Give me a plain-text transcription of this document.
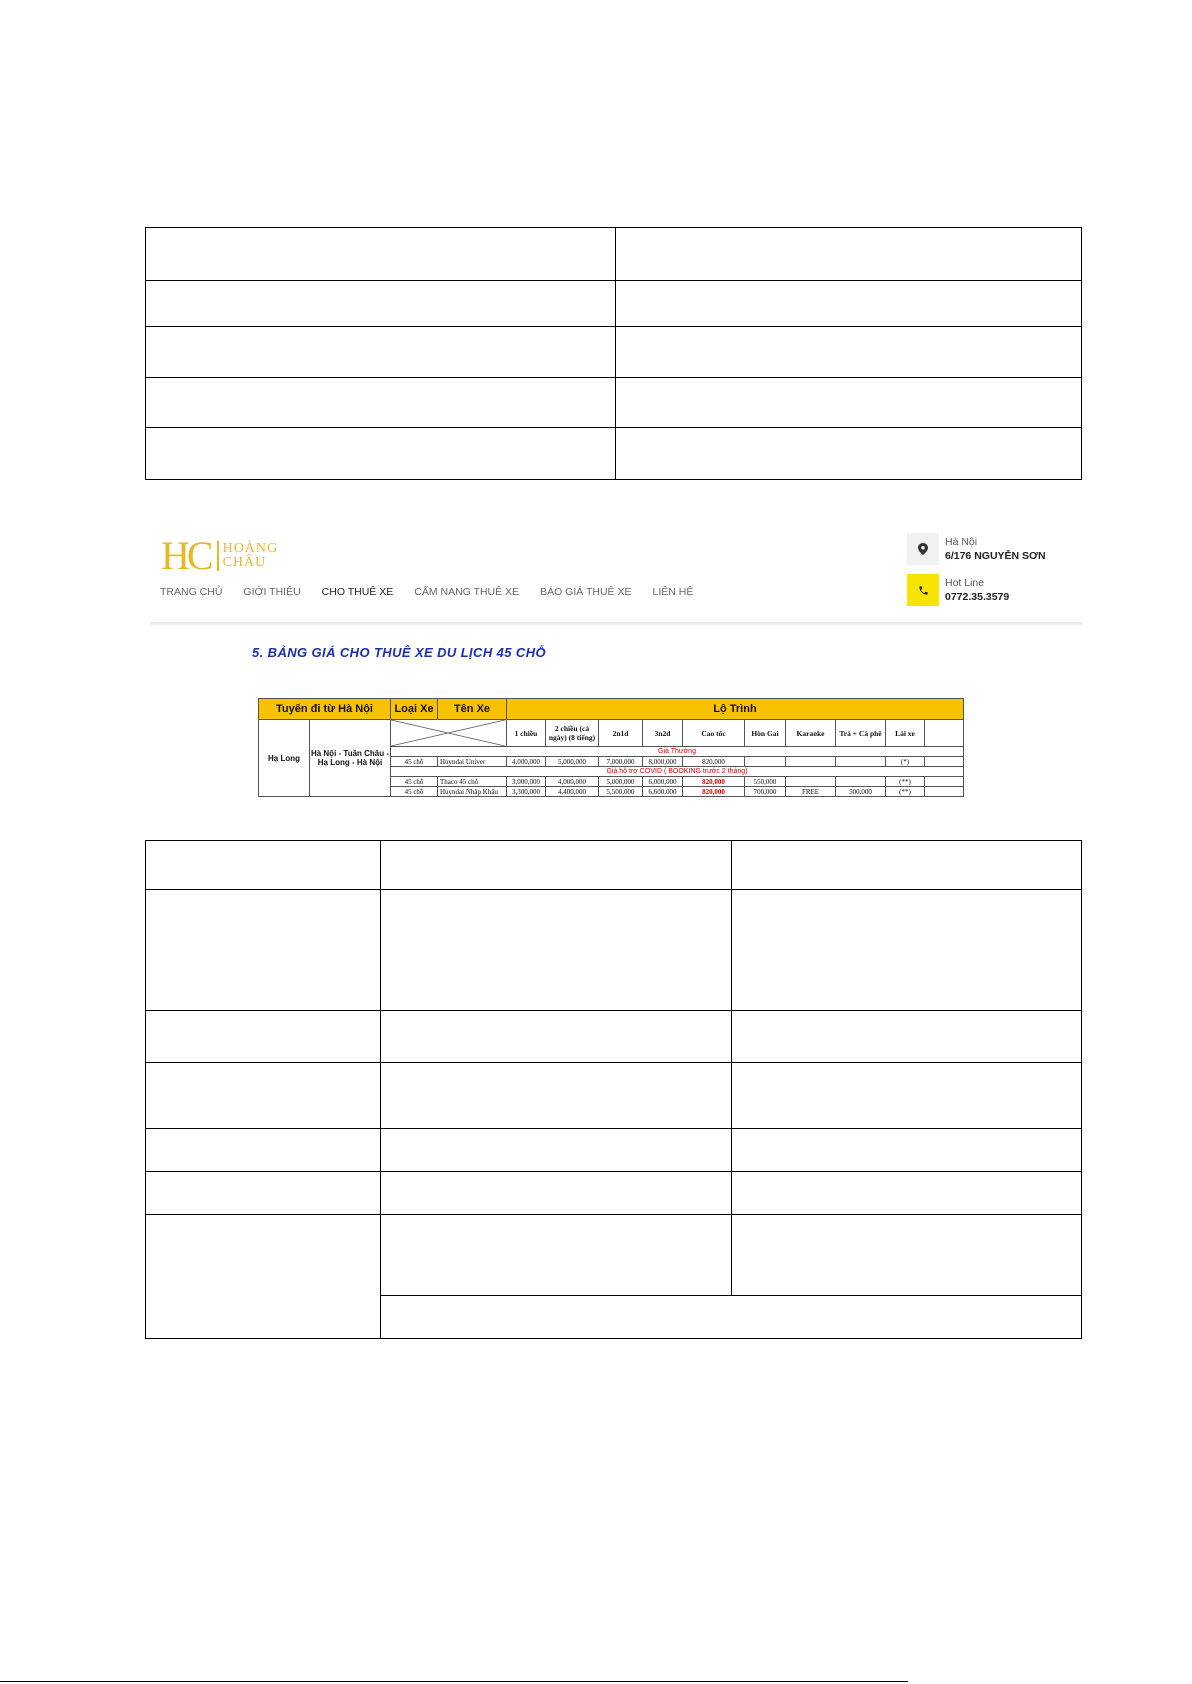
HC HOÀNG
CHÂU
TRANG CHỦ GIỚI THIỆU CHO THUÊ XE CẨM NANG THUÊ XE BÁO GIÁ THUÊ XE LIÊN HỆ
Hà Nội
6/176 NGUYỄN SƠN
Hot Line
0772.35.3579
5. BẢNG GIÁ CHO THUÊ XE DU LỊCH 45 CHỖ
Tuyến đi từ Hà Nội		Loại Xe	Tên Xe	Lộ Trình									
Hạ Long	Hà Nội - Tuần Châu - Hạ Long - Hà Nội			1 chiều	2 chiều (cả ngày) (8 tiếng)	2n1d	3n2d	Cao tốc	Hòn Gai	Karaoke	Trà + Cà phê	Lái xe	
		Giá Thường											
		45 chỗ	Huyndai Univer	4,000,000	5,000,000	7,000,000	8,000,000	820,000				(*)	
		Giá hỗ trợ COVID ( BOOKING trước 2 tháng)											
		45 chỗ	Thaco 45 chỗ	3,000,000	4,000,000	5,000,000	6,000,000	820,000	550,000			(**)	
		45 chỗ	Huyndai Nhập Khẩu	3,300,000	4,400,000	5,500,000	6,600,000	820,000	700,000	FREE	500,000	(**)	
